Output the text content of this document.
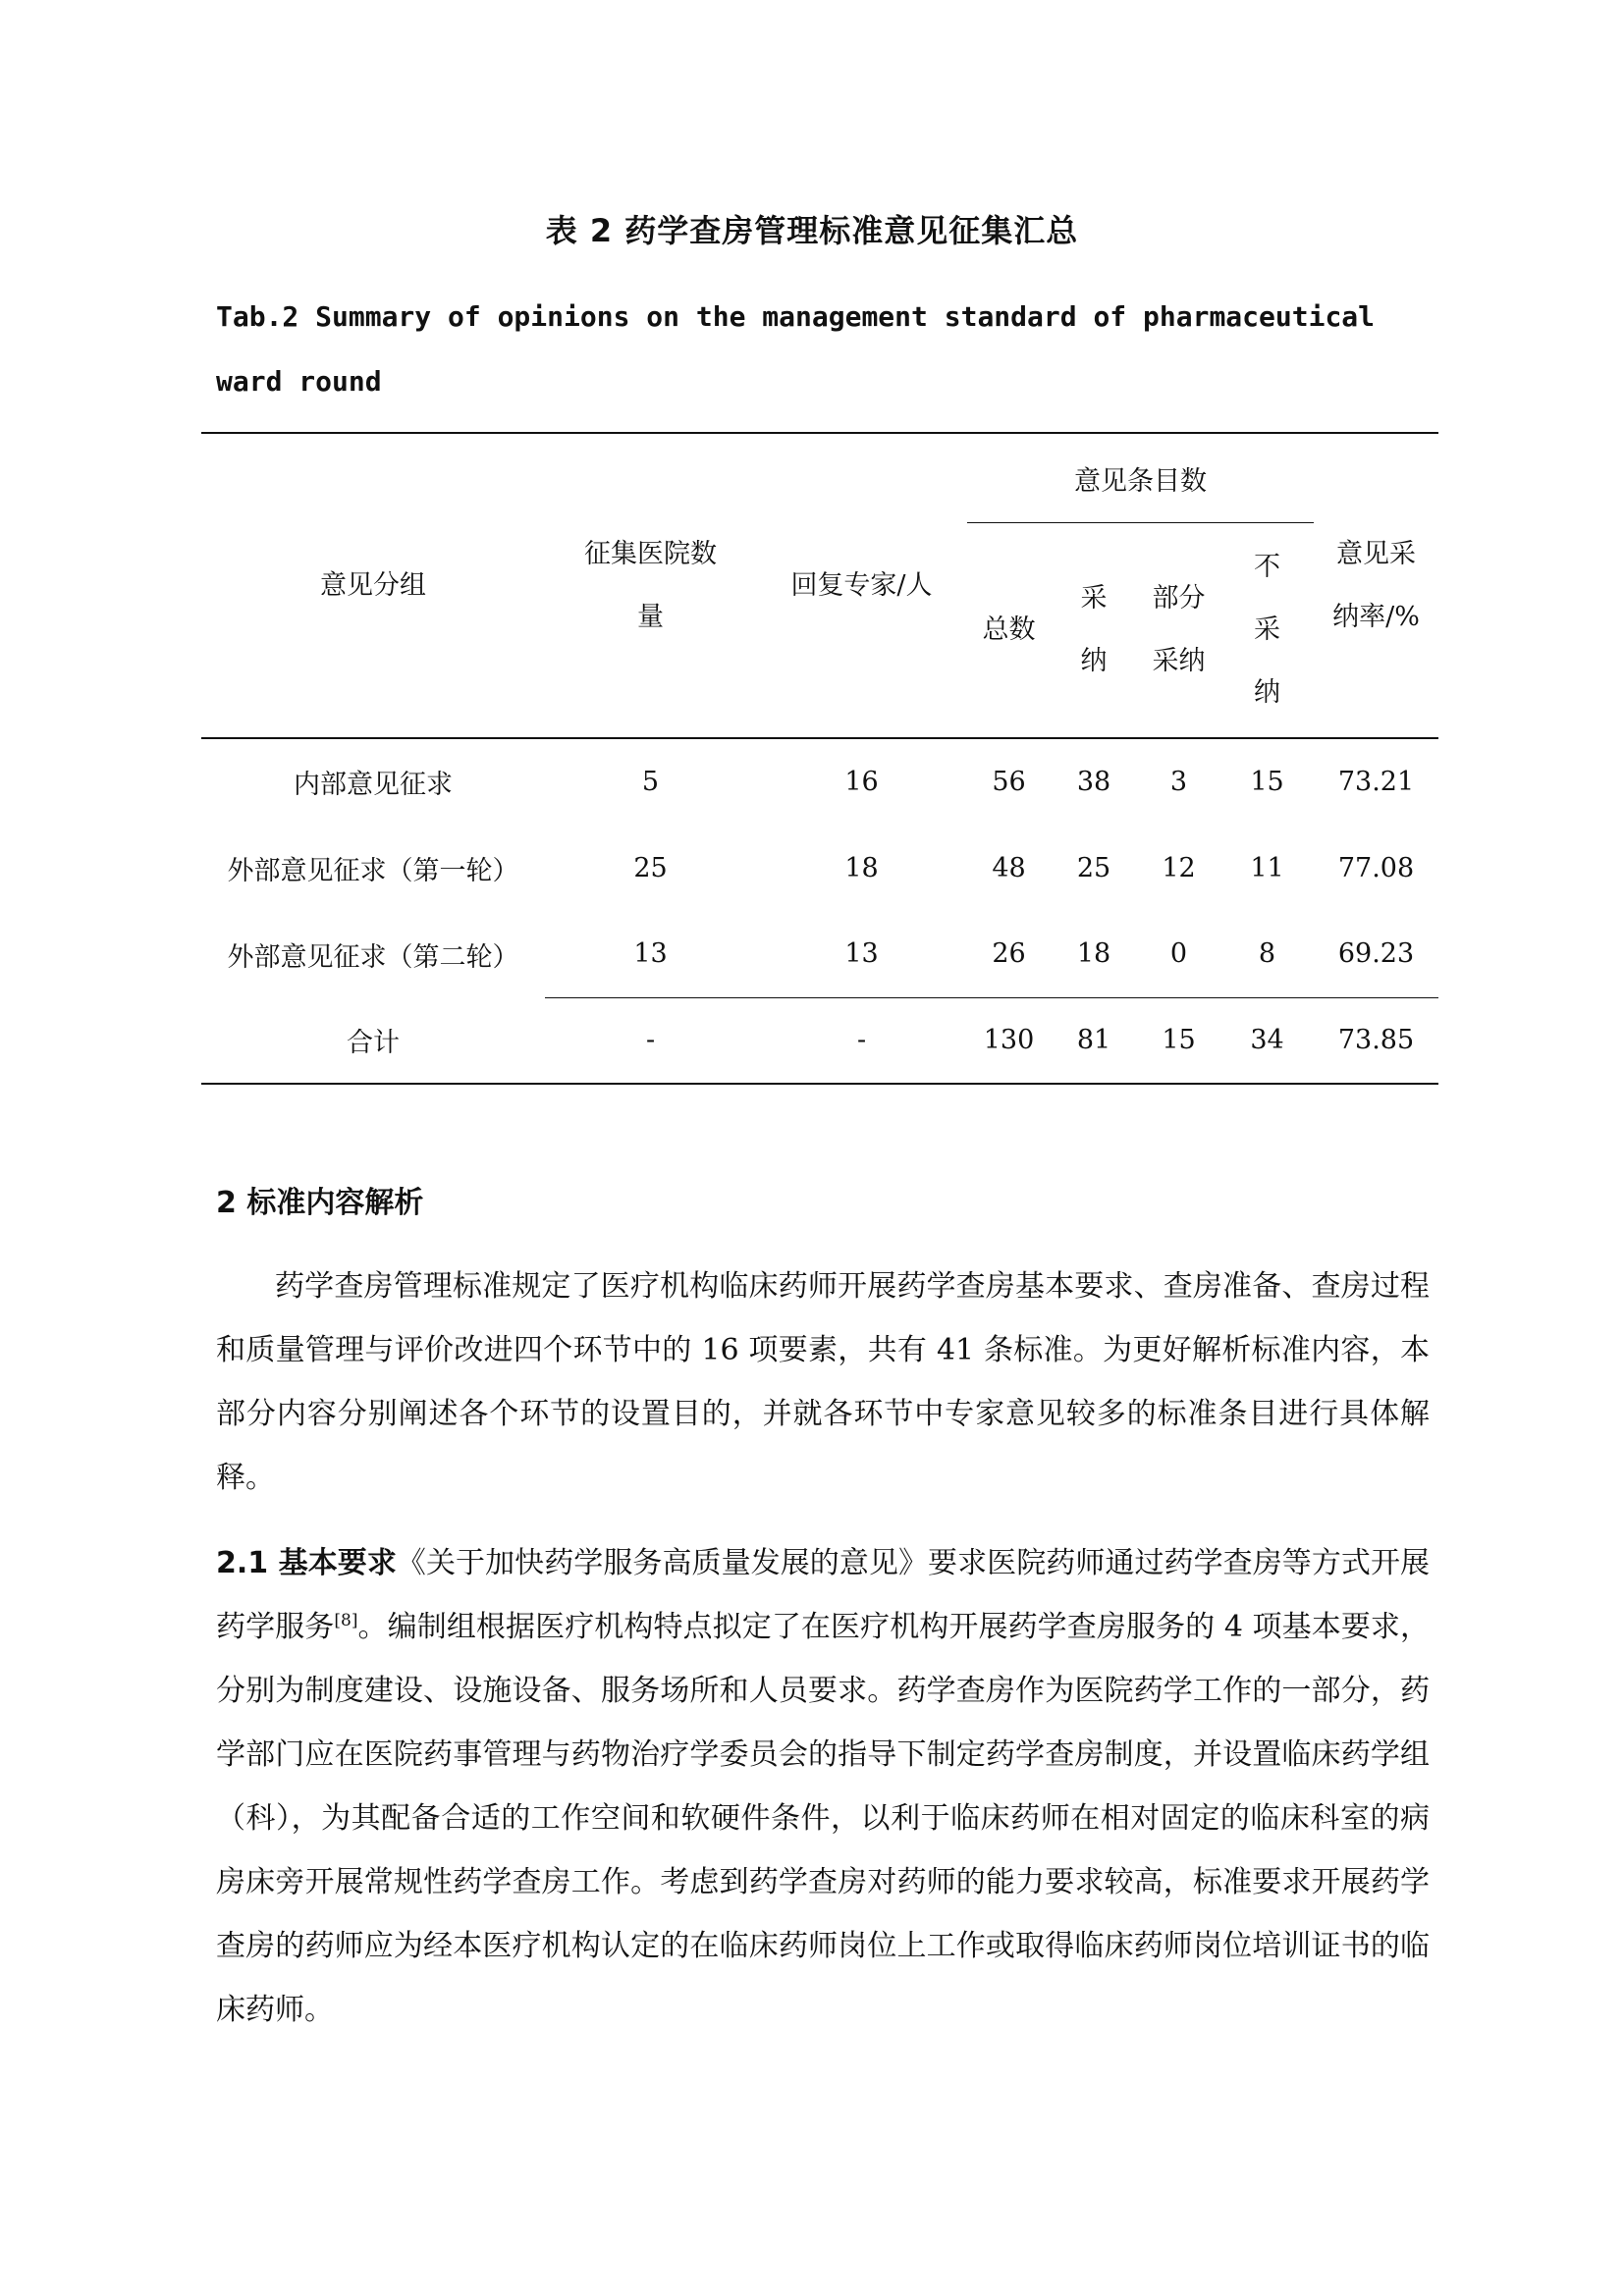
表 2 药学查房管理标准意见征集汇总
Tab.2 Summary of opinions on the management standard of pharmaceutical ward round
意见分组	征集医院数量	回复专家/人	意见条目数				意见采纳率/%

			总数	采纳	部分采纳	不采纳	

内部意见征求	5	16	56	38	3	15	73.21
外部意见征求（第一轮）	25	18	48	25	12	11	77.08
外部意见征求（第二轮）	13	13	26	18	0	8	69.23
合计	-	-	130	81	15	34	73.85
2 标准内容解析
药学查房管理标准规定了医疗机构临床药师开展药学查房基本要求、查房准备、查房过程和质量管理与评价改进四个环节中的 16 项要素，共有 41 条标准。为更好解析标准内容，本部分内容分别阐述各个环节的设置目的，并就各环节中专家意见较多的标准条目进行具体解释。
2.1 基本要求《关于加快药学服务高质量发展的意见》要求医院药师通过药学查房等方式开展药学服务[8]。编制组根据医疗机构特点拟定了在医疗机构开展药学查房服务的 4 项基本要求，分别为制度建设、设施设备、服务场所和人员要求。药学查房作为医院药学工作的一部分，药学部门应在医院药事管理与药物治疗学委员会的指导下制定药学查房制度，并设置临床药学组（科），为其配备合适的工作空间和软硬件条件，以利于临床药师在相对固定的临床科室的病房床旁开展常规性药学查房工作。考虑到药学查房对药师的能力要求较高，标准要求开展药学查房的药师应为经本医疗机构认定的在临床药师岗位上工作或取得临床药师岗位培训证书的临床药师。
